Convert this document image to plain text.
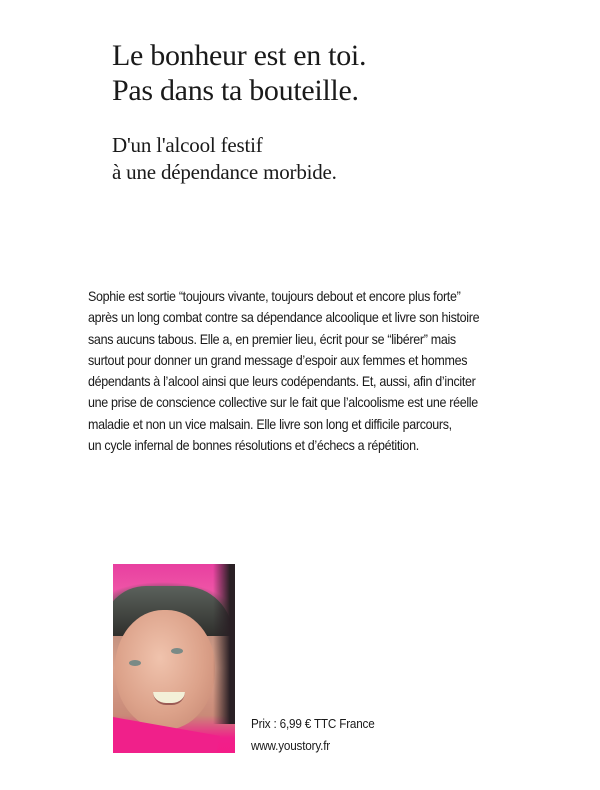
Le bonheur est en toi.
Pas dans ta bouteille.
D'un l'alcool festif
à une dépendance morbide.
Sophie est sortie “toujours vivante, toujours debout et encore plus forte”
après un long combat contre sa dépendance alcoolique et livre son histoire
sans aucuns tabous. Elle a, en premier lieu, écrit pour se “libérer” mais
surtout pour donner un grand message d’espoir aux femmes et hommes
dépendants à l’alcool ainsi que leurs codépendants. Et, aussi, afin d’inciter
une prise de conscience collective sur le fait que l’alcoolisme est une réelle
maladie et non un vice malsain. Elle livre son long et difficile parcours,
un cycle infernal de bonnes résolutions et d’échecs a répétition.
Prix : 6,99 € TTC France
www.youstory.fr
